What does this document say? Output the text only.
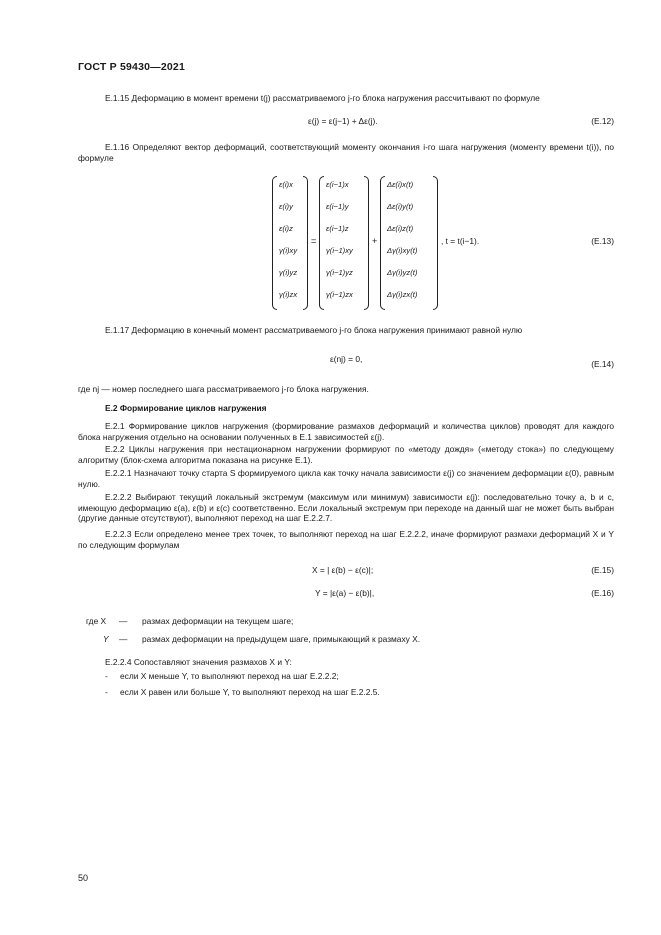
ГОСТ Р 59430—2021
Е.1.15 Деформацию в момент времени t(j) рассматриваемого j-го блока нагружения рассчитывают по формуле
ε(j) = ε(j−1) + Δε(j).	(Е.12)
Е.1.16 Определяют вектор деформаций, соответствующий моменту окончания i-го шага нагружения (моменту времени t(i)), по формуле
ε(i)x
ε(i)y
ε(i)z
γ(i)xy
γ(i)yz
γ(i)zx
=
ε(i−1)x
ε(i−1)y
ε(i−1)z
γ(i−1)xy
γ(i−1)yz
γ(i−1)zx
+
Δε(i)x(t)
Δε(i)y(t)
Δε(i)z(t)
Δγ(i)xy(t)
Δγ(i)yz(t)
Δγ(i)zx(t)
, t = t(i−1).	(Е.13)
Е.1.17 Деформацию в конечный момент рассматриваемого j-го блока нагружения принимают равной нулю
ε(nj) = 0,	(Е.14)
где nj — номер последнего шага рассматриваемого j-го блока нагружения.
Е.2 Формирование циклов нагружения
Е.2.1 Формирование циклов нагружения (формирование размахов деформаций и количества циклов) проводят для каждого блока нагружения отдельно на основании полученных в Е.1 зависимостей ε(j).
Е.2.2 Циклы нагружения при нестационарном нагружении формируют по «методу дождя» («методу стока») по следующему алгоритму (блок-схема алгоритма показана на рисунке Е.1).
Е.2.2.1 Назначают точку старта S формируемого цикла как точку начала зависимости ε(j) со значением деформации ε(0), равным нулю.
Е.2.2.2 Выбирают текущий локальный экстремум (максимум или минимум) зависимости ε(j): последовательно точку a, b и c, имеющую деформацию ε(a), ε(b) и ε(c) соответственно. Если локальный экстремум при переходе на данный шаг не может быть выбран (другие данные отсутствуют), выполняют переход на шаг Е.2.2.7.
Е.2.2.3 Если определено менее трех точек, то выполняют переход на шаг Е.2.2.2, иначе формируют размахи деформаций X и Y по следующим формулам
X = | ε(b) − ε(c)|;	(Е.15)
Y = |ε(a) − ε(b)|,	(Е.16)
где X — размах деформации на текущем шаге;
Y — размах деформации на предыдущем шаге, примыкающий к размаху X.
Е.2.2.4 Сопоставляют значения размахов X и Y:
- если X меньше Y, то выполняют переход на шаг Е.2.2.2;
- если X равен или больше Y, то выполняют переход на шаг Е.2.2.5.
50
